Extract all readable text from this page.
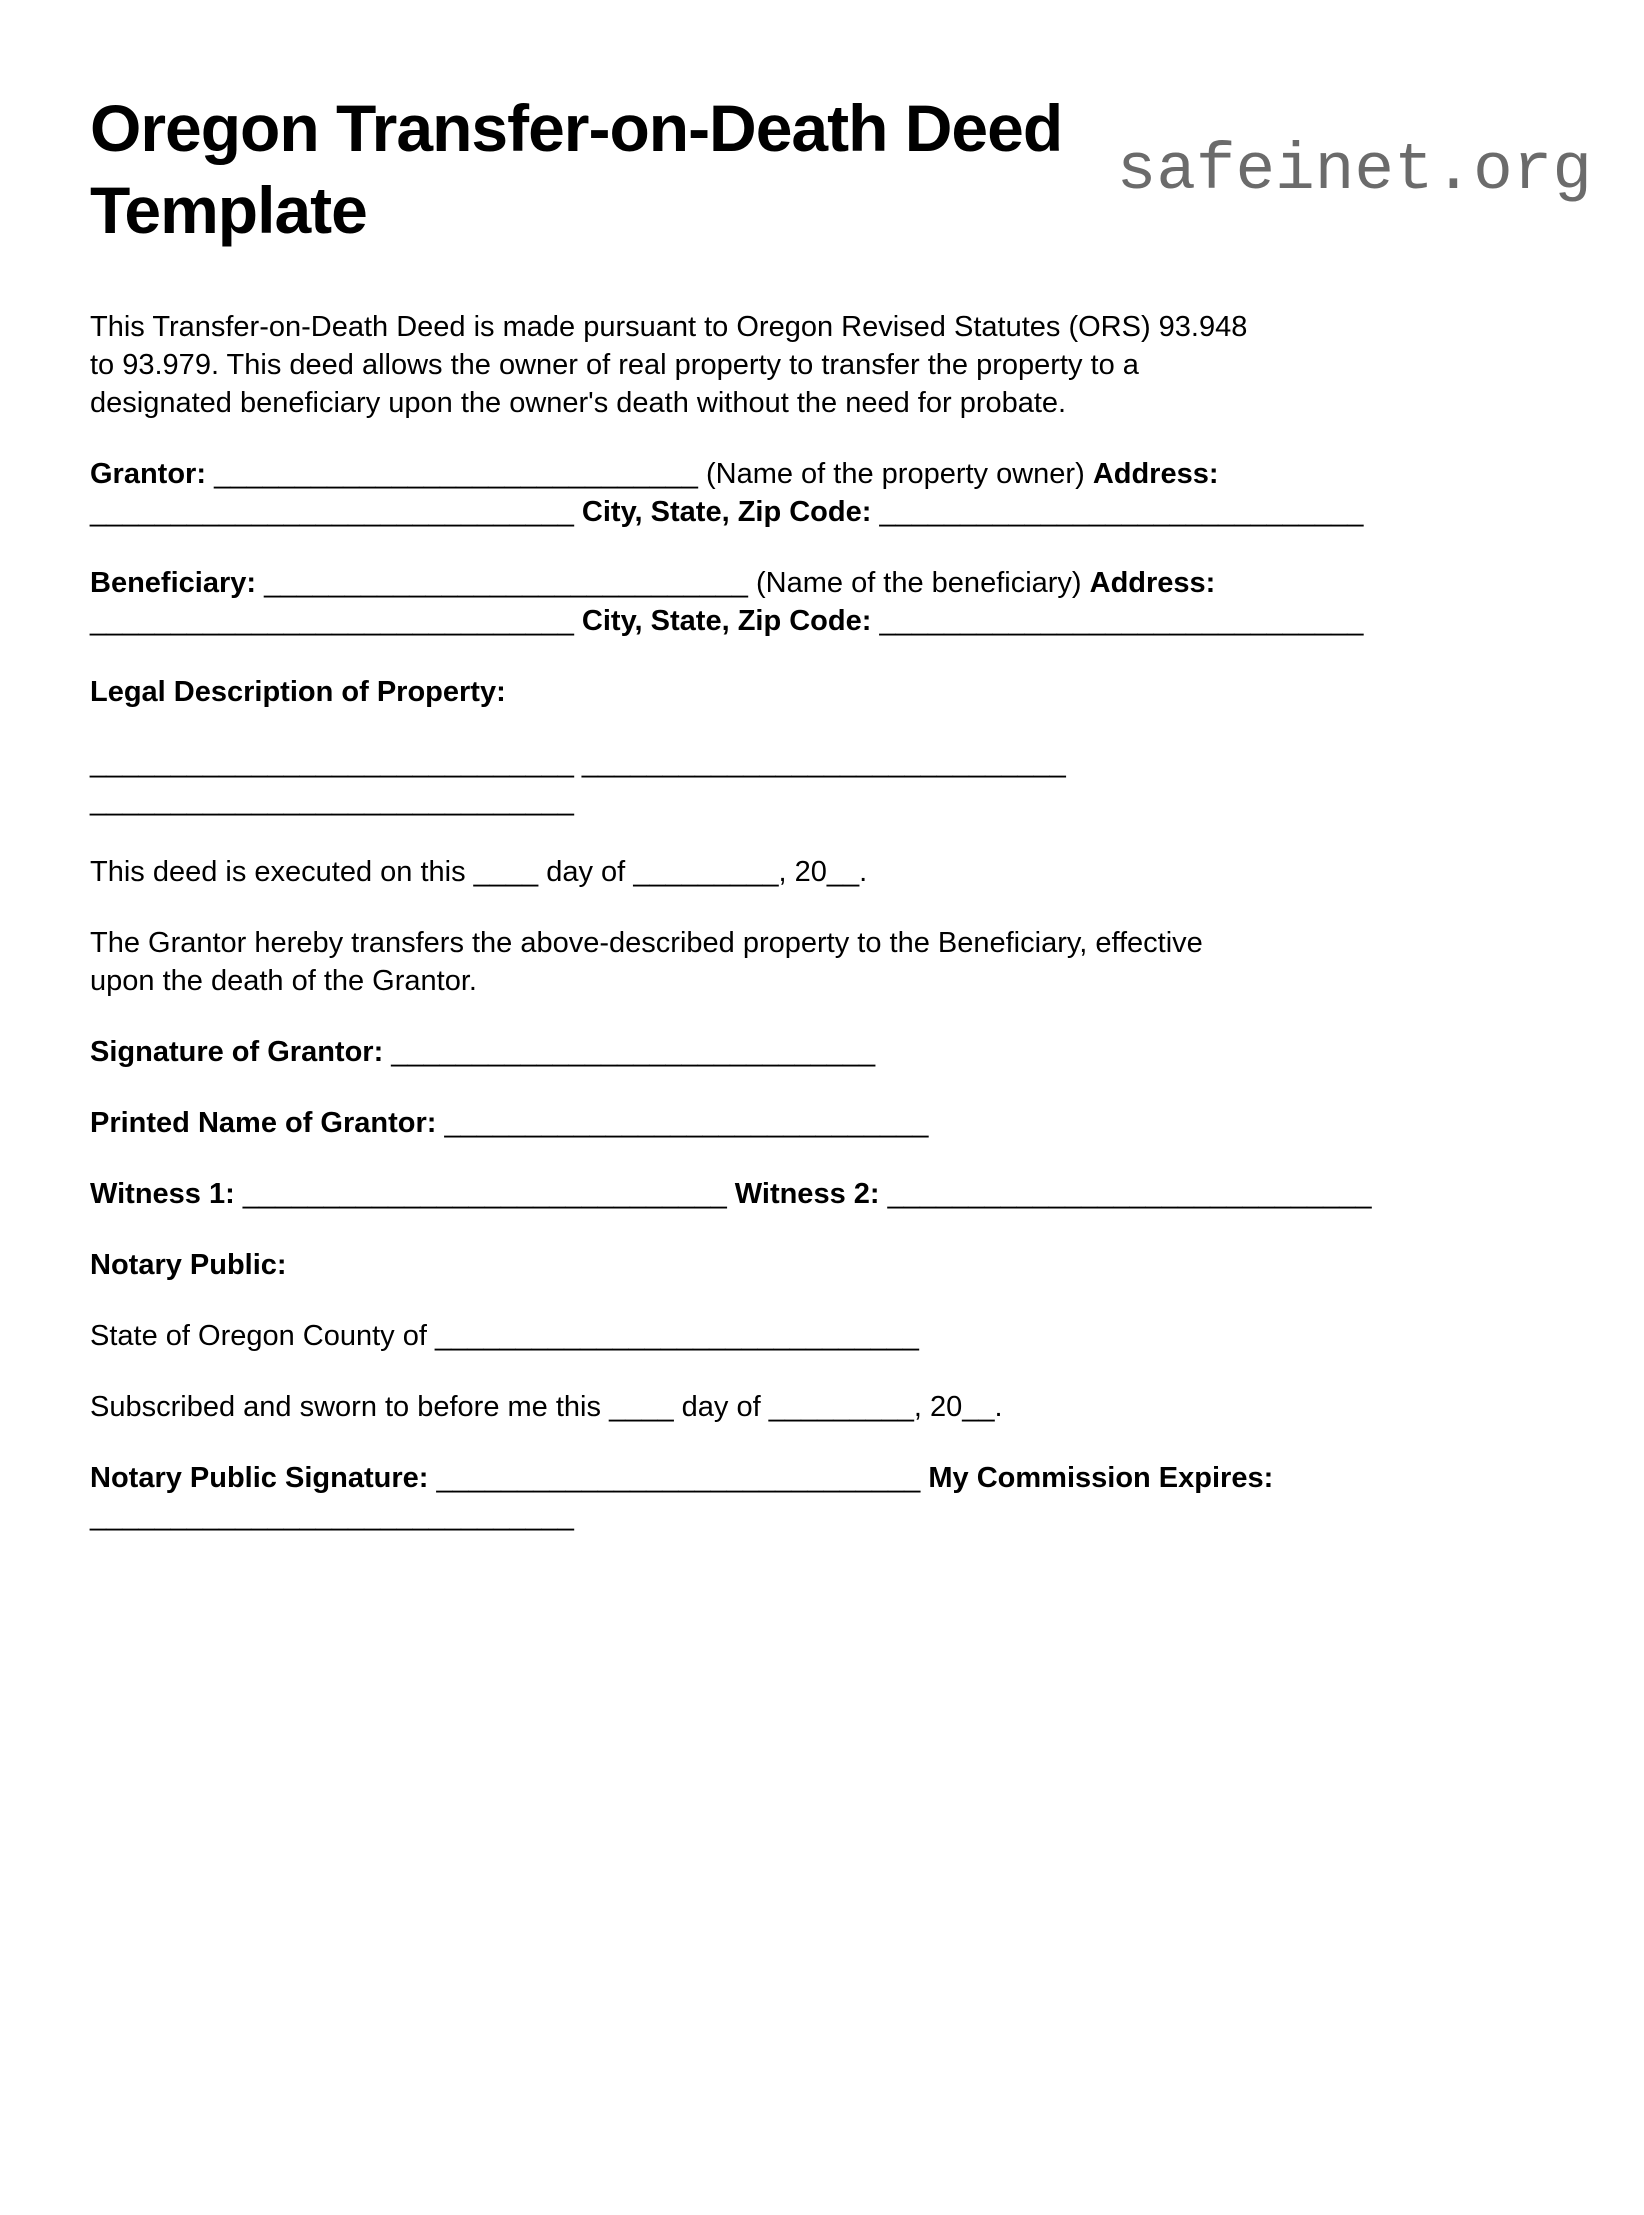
safeinet.org
Oregon Transfer-on-Death Deed Template

This Transfer-on-Death Deed is made pursuant to Oregon Revised Statutes (ORS) 93.948
to 93.979. This deed allows the owner of real property to transfer the property to a
designated beneficiary upon the owner's death without the need for probate.

Grantor: ______________________________ (Name of the property owner) Address:
______________________________ City, State, Zip Code: ______________________________

Beneficiary: ______________________________ (Name of the beneficiary) Address:
______________________________ City, State, Zip Code: ______________________________

Legal Description of Property:

______________________________ ______________________________
______________________________

This deed is executed on this ____ day of _________, 20__.

The Grantor hereby transfers the above-described property to the Beneficiary, effective
upon the death of the Grantor.

Signature of Grantor: ______________________________

Printed Name of Grantor: ______________________________

Witness 1: ______________________________ Witness 2: ______________________________

Notary Public:

State of Oregon County of ______________________________

Subscribed and sworn to before me this ____ day of _________, 20__.

Notary Public Signature: ______________________________ My Commission Expires:
______________________________
